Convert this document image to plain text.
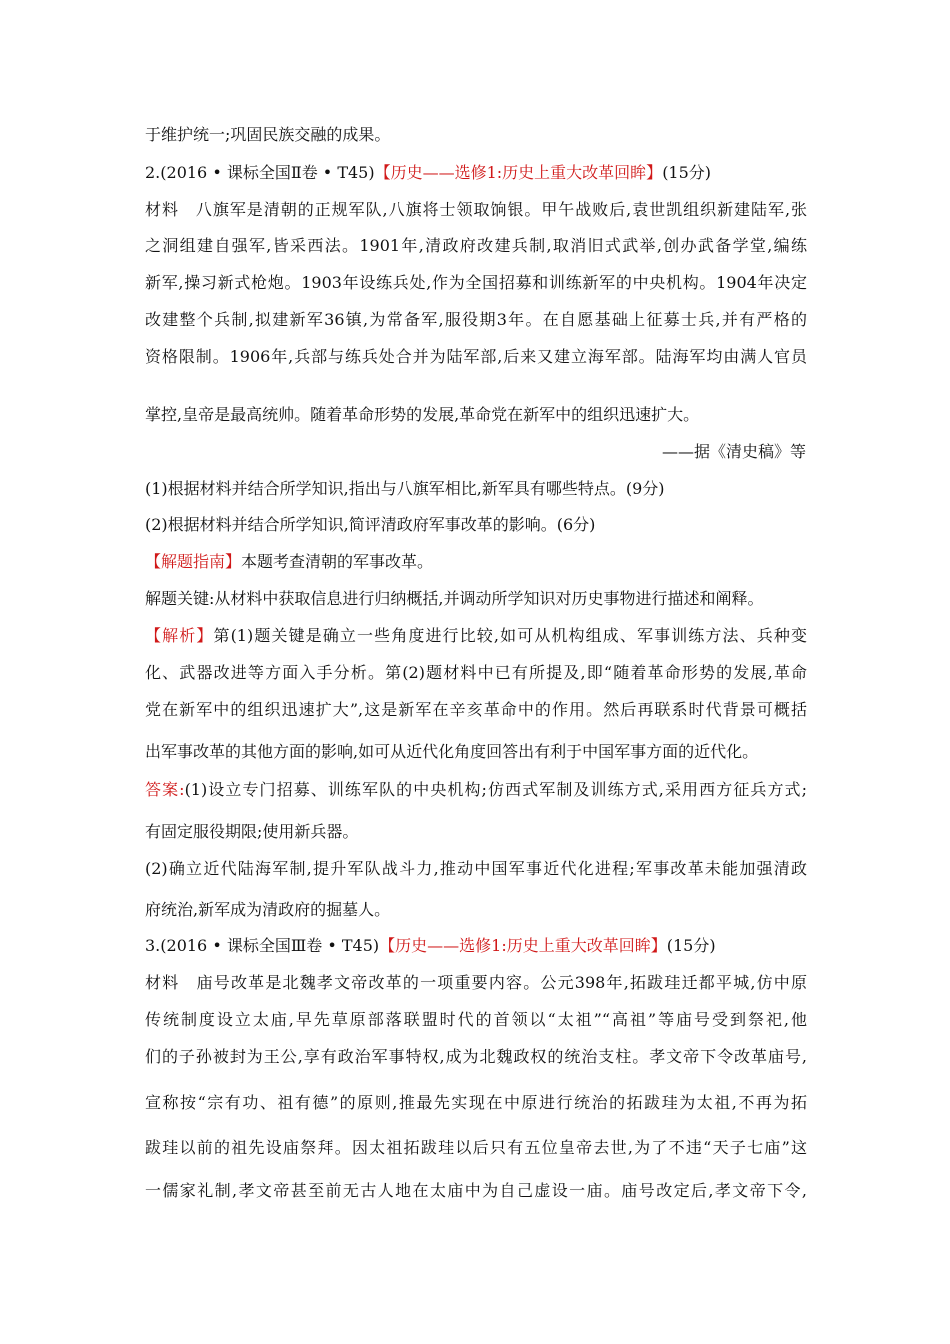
于维护统一;巩固民族交融的成果。
2.(2016 • 课标全国Ⅱ卷 • T45)【历史——选修1:历史上重大改革回眸】(15分)
材料　八旗军是清朝的正规军队,八旗将士领取饷银。甲午战败后,袁世凯组织新建陆军,张
之洞组建自强军,皆采西法。1901年,清政府改建兵制,取消旧式武举,创办武备学堂,编练
新军,操习新式枪炮。1903年设练兵处,作为全国招募和训练新军的中央机构。1904年决定
改建整个兵制,拟建新军36镇,为常备军,服役期3年。在自愿基础上征募士兵,并有严格的
资格限制。1906年,兵部与练兵处合并为陆军部,后来又建立海军部。陆海军均由满人官员
掌控,皇帝是最高统帅。随着革命形势的发展,革命党在新军中的组织迅速扩大。
——据《清史稿》等
(1)根据材料并结合所学知识,指出与八旗军相比,新军具有哪些特点。(9分)
(2)根据材料并结合所学知识,简评清政府军事改革的影响。(6分)
【解题指南】本题考查清朝的军事改革。
解题关键:从材料中获取信息进行归纳概括,并调动所学知识对历史事物进行描述和阐释。
【解析】第(1)题关键是确立一些角度进行比较,如可从机构组成、军事训练方法、兵种变
化、武器改进等方面入手分析。第(2)题材料中已有所提及,即“随着革命形势的发展,革命
党在新军中的组织迅速扩大”,这是新军在辛亥革命中的作用。然后再联系时代背景可概括
出军事改革的其他方面的影响,如可从近代化角度回答出有利于中国军事方面的近代化。
答案:(1)设立专门招募、训练军队的中央机构;仿西式军制及训练方式,采用西方征兵方式;
有固定服役期限;使用新兵器。
(2)确立近代陆海军制,提升军队战斗力,推动中国军事近代化进程;军事改革未能加强清政
府统治,新军成为清政府的掘墓人。
3.(2016 • 课标全国Ⅲ卷 • T45)【历史——选修1:历史上重大改革回眸】(15分)
材料　庙号改革是北魏孝文帝改革的一项重要内容。公元398年,拓跋珪迁都平城,仿中原
传统制度设立太庙,早先草原部落联盟时代的首领以“太祖”“高祖”等庙号受到祭祀,他
们的子孙被封为王公,享有政治军事特权,成为北魏政权的统治支柱。孝文帝下令改革庙号,
宣称按“宗有功、祖有德”的原则,推最先实现在中原进行统治的拓跋珪为太祖,不再为拓
跋珪以前的祖先设庙祭拜。因太祖拓跋珪以后只有五位皇帝去世,为了不违“天子七庙”这
一儒家礼制,孝文帝甚至前无古人地在太庙中为自己虚设一庙。庙号改定后,孝文帝下令,
